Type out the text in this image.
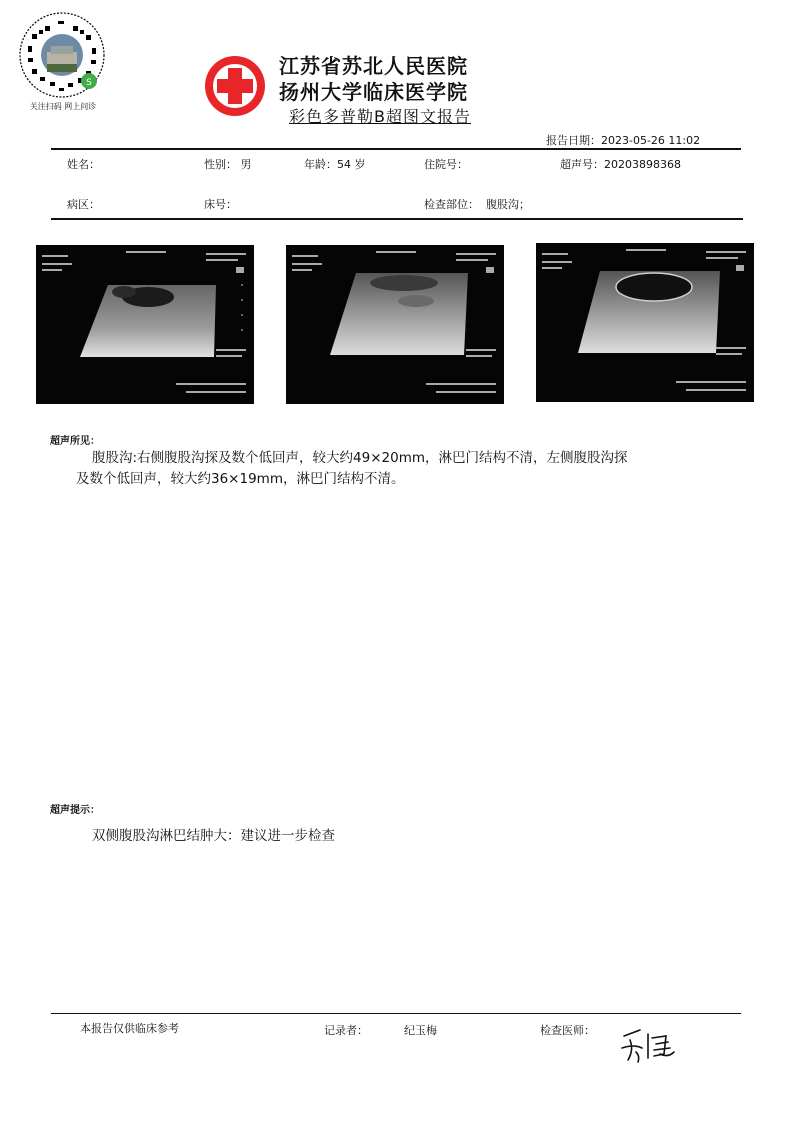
S
关注扫码 网上问诊
江苏省苏北人民医院
扬州大学临床医学院
彩色多普勒B超图文报告
报告日期：2023-05-26 11:02
姓名：	性别： 男	年龄：54 岁	住院号：	超声号：20203898368
病区：	床号：	检查部位： 腹股沟；
超声所见：
腹股沟:右侧腹股沟探及数个低回声，较大约49×20mm，淋巴门结构不清，左侧腹股沟探
及数个低回声，较大约36×19mm，淋巴门结构不清。
超声提示：
双侧腹股沟淋巴结肿大：建议进一步检查
本报告仅供临床参考	记录者：	纪玉梅	检查医师：
